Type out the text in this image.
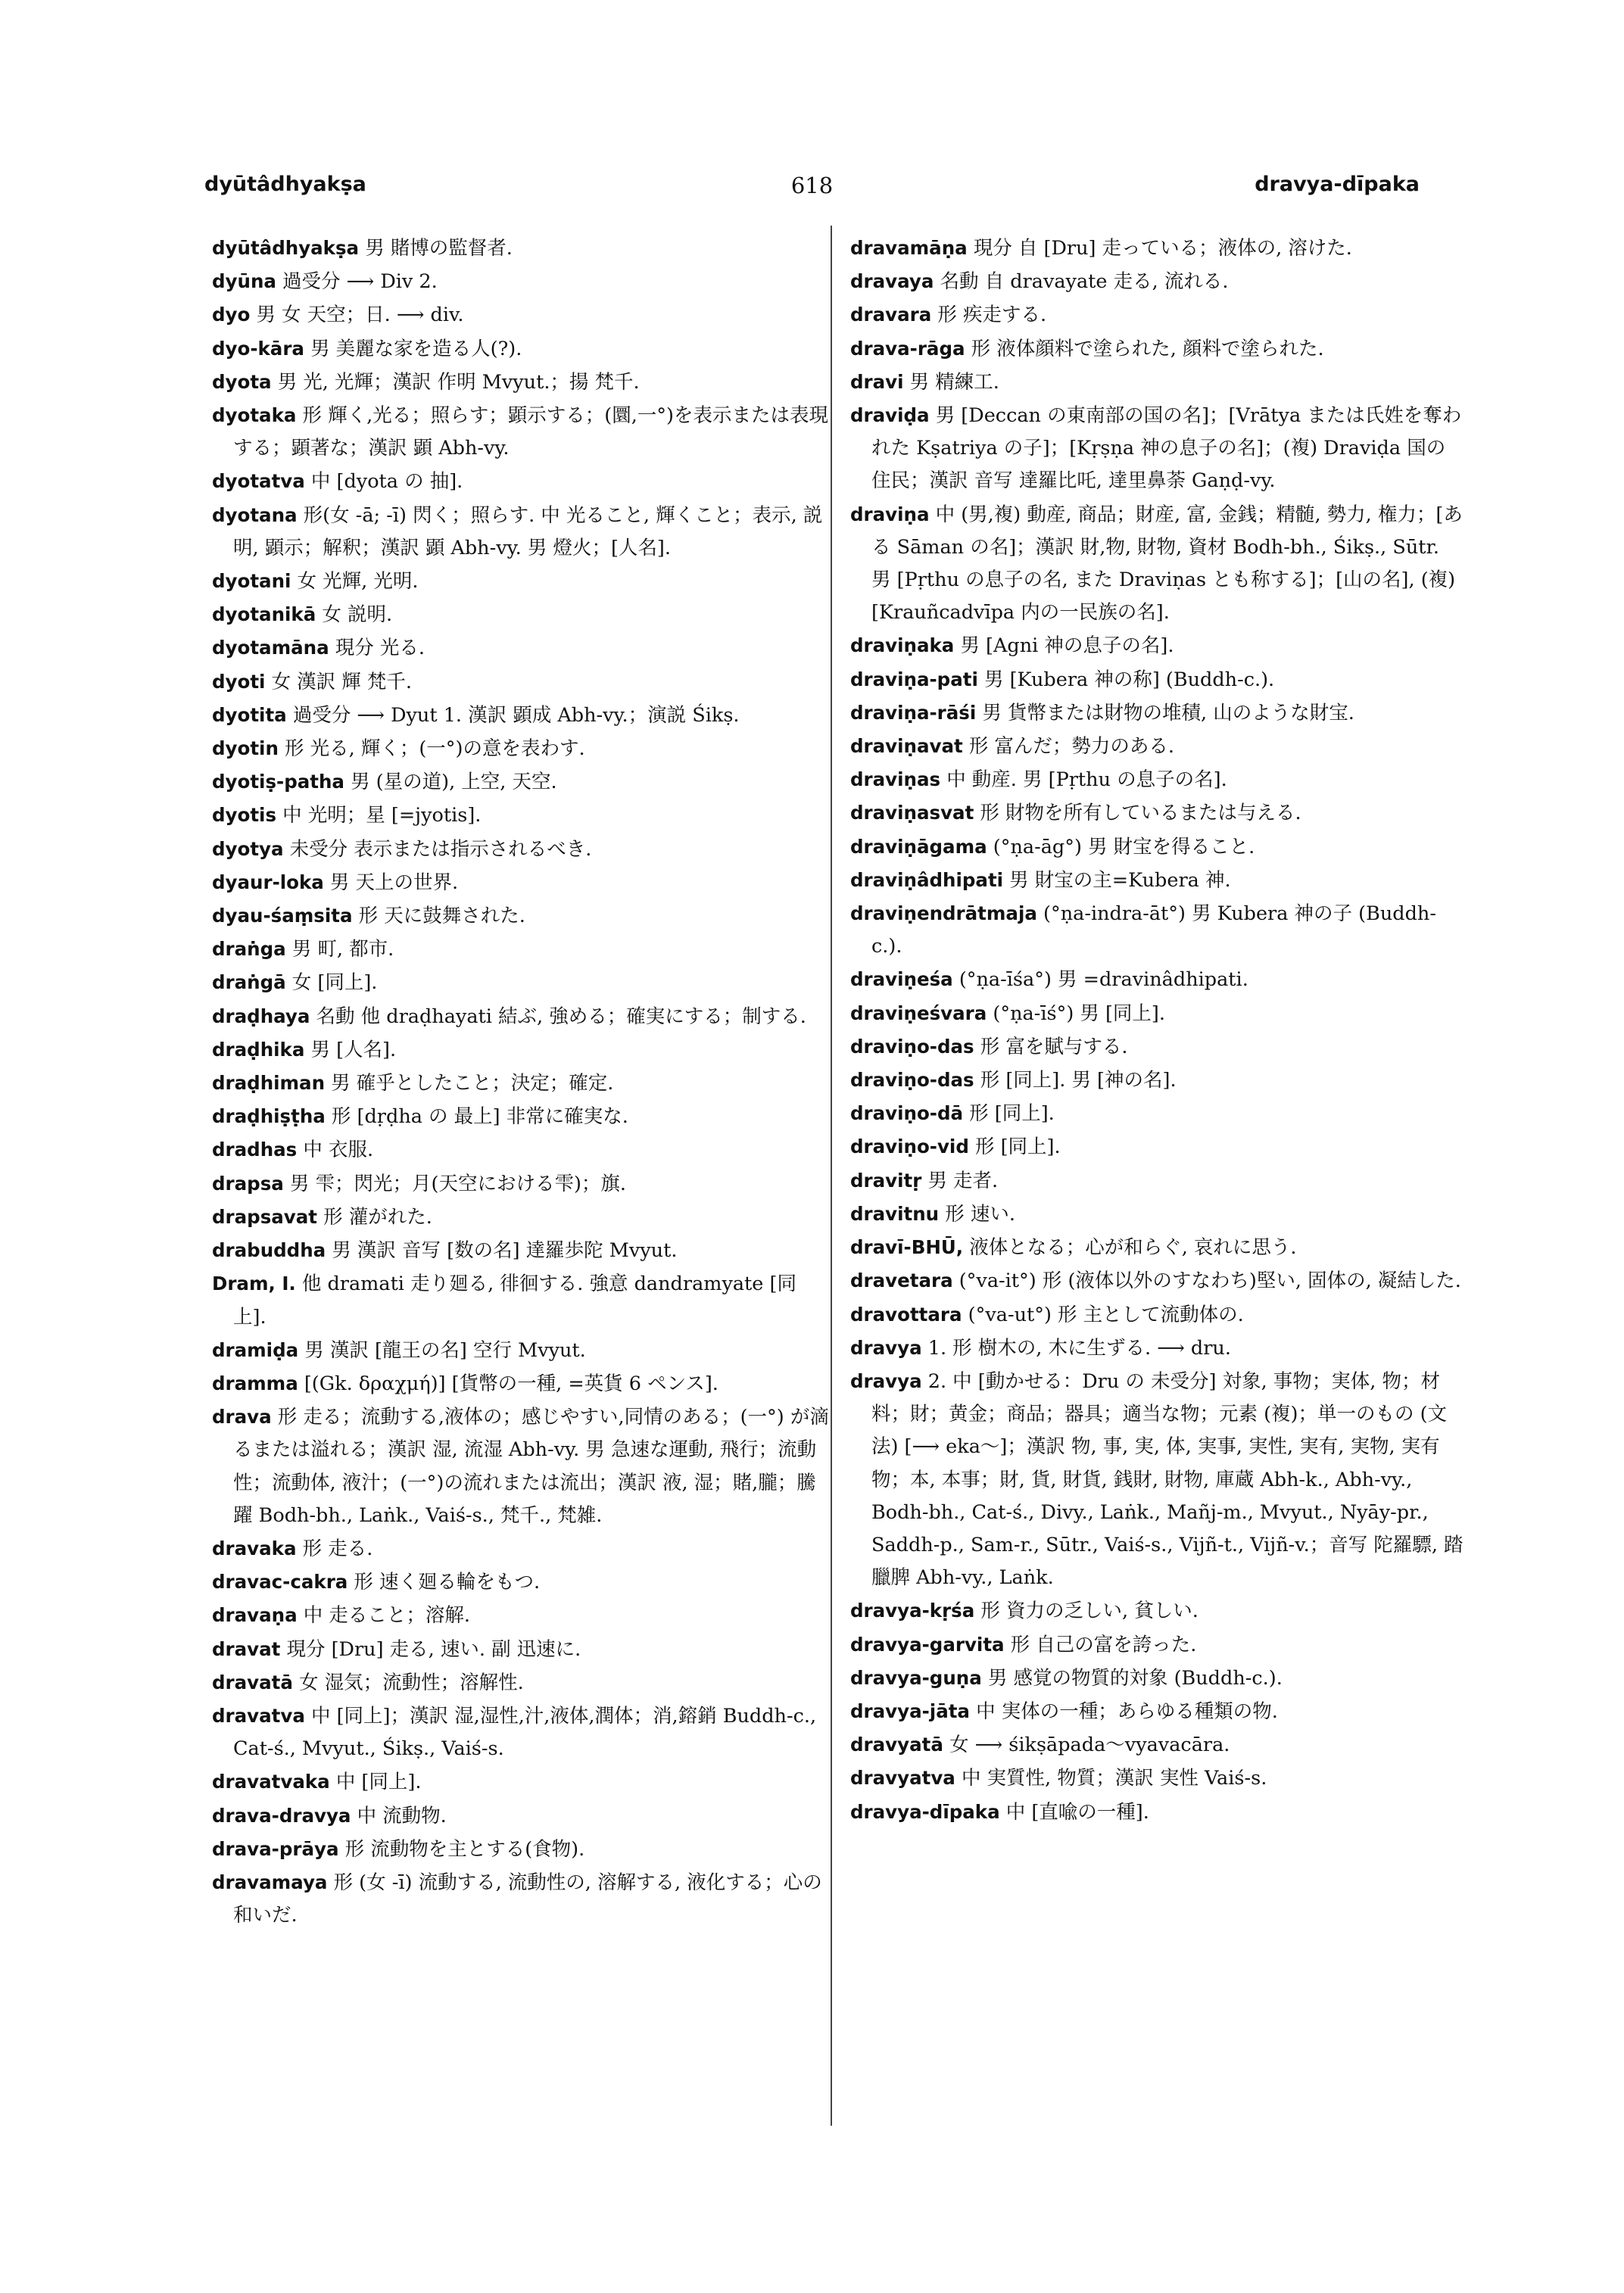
dyūtâdhyakṣa	618	dravya-dīpaka

dyūtâdhyakṣa 男 賭博の監督者.

dyūna 過受分 ⟶ Div 2.

dyo 男 女 天空；日. ⟶ div.

dyo-kāra 男 美麗な家を造る人(?).

dyota 男 光, 光輝；漢訳 作明 Mvyut.；揚 梵千.

dyotaka 形 輝く,光る；照らす；顕示する；(圜,一°)を表示または表現する；顕著な；漢訳 顕 Abh-vy.

dyotatva 中 [dyota の 抽].

dyotana 形(女 -ā; -ī) 閃く；照らす. 中 光ること, 輝くこと；表示, 説明, 顕示；解釈；漢訳 顕 Abh-vy. 男 燈火；[人名].

dyotani 女 光輝, 光明.

dyotanikā 女 説明.

dyotamāna 現分 光る.

dyoti 女 漢訳 輝 梵千.

dyotita 過受分 ⟶ Dyut 1. 漢訳 顕成 Abh-vy.；演説 Śikṣ.

dyotin 形 光る, 輝く；(一°)の意を表わす.

dyotiṣ-patha 男 (星の道), 上空, 天空.

dyotis 中 光明；星 [=jyotis].

dyotya 未受分 表示または指示されるべき.

dyaur-loka 男 天上の世界.

dyau-śaṃsita 形 天に鼓舞された.

draṅga 男 町, 都市.

draṅgā 女 [同上].

draḍhaya 名動 他 draḍhayati 結ぶ, 強める；確実にする；制する.

draḍhika 男 [人名].

draḍhiman 男 確乎としたこと；決定；確定.

draḍhiṣṭha 形 [dṛḍha の 最上] 非常に確実な.

dradhas 中 衣服.

drapsa 男 雫；閃光；月(天空における雫)；旗.

drapsavat 形 灌がれた.

drabuddha 男 漢訳 音写 [数の名] 達羅歩陀 Mvyut.

Dram, I. 他 dramati 走り廻る, 徘徊する. 強意 dandramyate [同上].

dramiḍa 男 漢訳 [龍王の名] 空行 Mvyut.

dramma [(Gk. δραχμή)] [貨幣の一種, =英貨 6 ペンス].

drava 形 走る；流動する,液体の；感じやすい,同情のある；(一°) が滴るまたは溢れる；漢訳 湿, 流湿 Abh-vy. 男 急速な運動, 飛行；流動性；流動体, 液汁；(一°)の流れまたは流出；漢訳 液, 湿；賭,朧；騰躍 Bodh-bh., Laṅk., Vaiś-s., 梵千., 梵雑.

dravaka 形 走る.

dravac-cakra 形 速く廻る輪をもつ.

dravaṇa 中 走ること；溶解.

dravat 現分 [Dru] 走る, 速い. 副 迅速に.

dravatā 女 湿気；流動性；溶解性.

dravatva 中 [同上]；漢訳 湿,湿性,汁,液体,潤体；消,鎔銷 Buddh-c., Cat-ś., Mvyut., Śikṣ., Vaiś-s.

dravatvaka 中 [同上].

drava-dravya 中 流動物.

drava-prāya 形 流動物を主とする(食物).

dravamaya 形 (女 -ī) 流動する, 流動性の, 溶解する, 液化する；心の和いだ.

dravamāṇa 現分 自 [Dru] 走っている；液体の, 溶けた.

dravaya 名動 自 dravayate 走る, 流れる.

dravara 形 疾走する.

drava-rāga 形 液体顔料で塗られた, 顔料で塗られた.

dravi 男 精練工.

draviḍa 男 [Deccan の東南部の国の名]；[Vrātya または氏姓を奪われた Kṣatriya の子]；[Kṛṣṇa 神の息子の名]；(複) Draviḍa 国の住民；漢訳 音写 達羅比吒, 達里鼻荼 Gaṇḍ-vy.

draviṇa 中 (男,複) 動産, 商品；財産, 富, 金銭；精髄, 勢力, 権力；[ある Sāman の名]；漢訳 財,物, 財物, 資材 Bodh-bh., Śikṣ., Sūtr. 男 [Pṛthu の息子の名, また Draviṇas とも称する]；[山の名], (複) [Krauñcadvīpa 内の一民族の名].

draviṇaka 男 [Agni 神の息子の名].

draviṇa-pati 男 [Kubera 神の称] (Buddh-c.).

draviṇa-rāśi 男 貨幣または財物の堆積, 山のような財宝.

draviṇavat 形 富んだ；勢力のある.

draviṇas 中 動産. 男 [Pṛthu の息子の名].

draviṇasvat 形 財物を所有しているまたは与える.

draviṇāgama (°ṇa-āg°) 男 財宝を得ること.

draviṇâdhipati 男 財宝の主=Kubera 神.

draviṇendrātmaja (°ṇa-indra-āt°) 男 Kubera 神の子 (Buddh-c.).

draviṇeśa (°ṇa-īśa°) 男 =dravinâdhipati.

draviṇeśvara (°ṇa-īś°) 男 [同上].

draviṇo-das 形 富を賦与する.

draviṇo-das 形 [同上]. 男 [神の名].

draviṇo-dā 形 [同上].

draviṇo-vid 形 [同上].

dravitṛ 男 走者.

dravitnu 形 速い.

dravī-BHŪ, 液体となる；心が和らぐ, 哀れに思う.

dravetara (°va-it°) 形 (液体以外のすなわち)堅い, 固体の, 凝結した.

dravottara (°va-ut°) 形 主として流動体の.

dravya 1. 形 樹木の, 木に生ずる. ⟶ dru.

dravya 2. 中 [動かせる：Dru の 未受分] 対象, 事物；実体, 物；材料；財；黄金；商品；器具；適当な物；元素 (複)；単一のもの (文法) [⟶ eka～]；漢訳 物, 事, 実, 体, 実事, 実性, 実有, 実物, 実有物；本, 本事；財, 貨, 財貨, 銭財, 財物, 庫蔵 Abh-k., Abh-vy., Bodh-bh., Cat-ś., Divy., Laṅk., Mañj-m., Mvyut., Nyāy-pr., Saddh-p., Sam-r., Sūtr., Vaiś-s., Vijñ-t., Vijñ-v.；音写 陀羅驃, 踏臘脾 Abh-vy., Laṅk.

dravya-kṛśa 形 資力の乏しい, 貧しい.

dravya-garvita 形 自己の富を誇った.

dravya-guṇa 男 感覚の物質的対象 (Buddh-c.).

dravya-jāta 中 実体の一種；あらゆる種類の物.

dravyatā 女 ⟶ śikṣāpada～vyavacāra.

dravyatva 中 実質性, 物質；漢訳 実性 Vaiś-s.

dravya-dīpaka 中 [直喩の一種].
